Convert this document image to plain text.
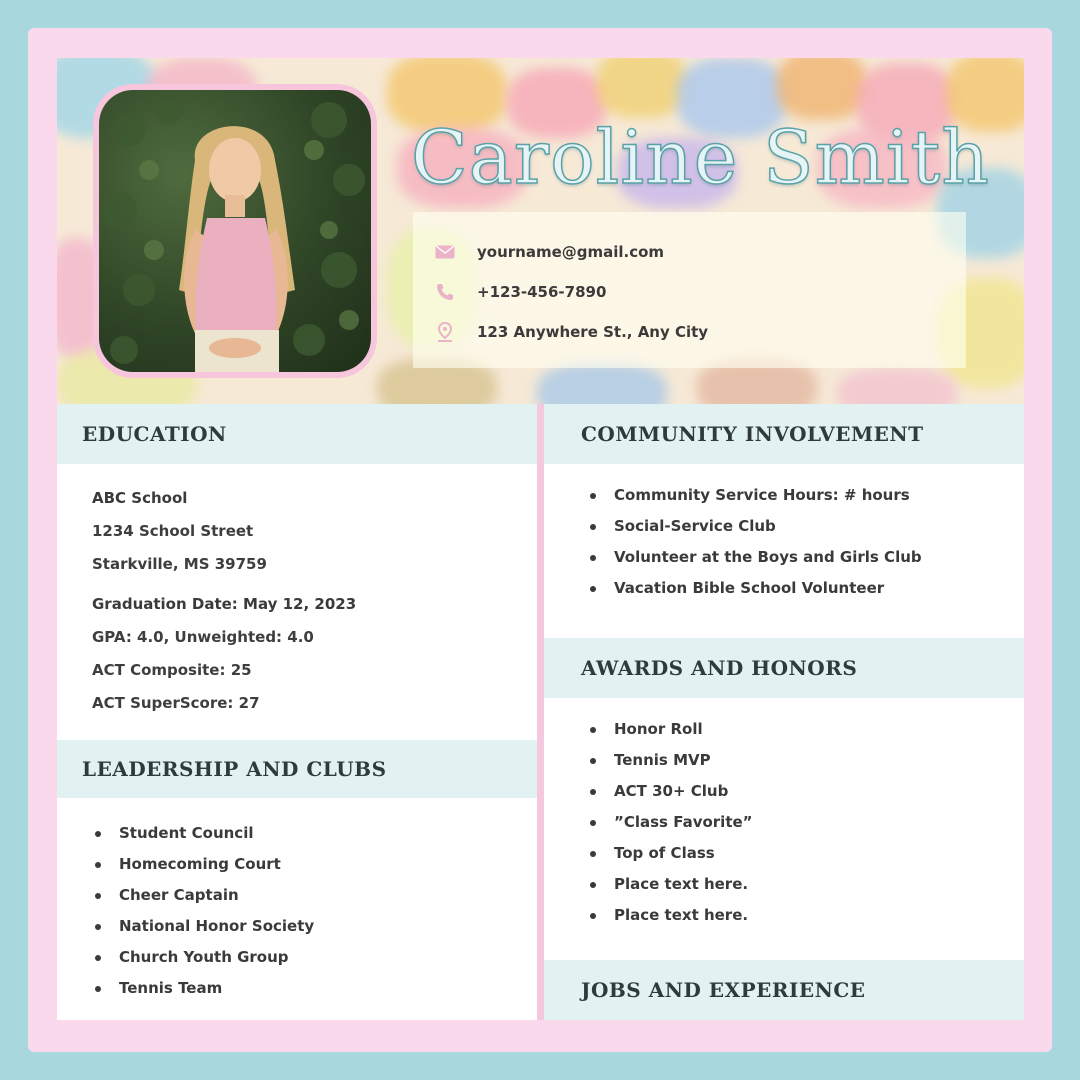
Caroline Smith
yourname@gmail.com
+123-456-7890
123 Anywhere St., Any City
EDUCATION
ABC School
1234 School Street
Starkville, MS 39759
Graduation Date: May 12, 2023
GPA: 4.0, Unweighted: 4.0
ACT Composite: 25
ACT SuperScore: 27
LEADERSHIP AND CLUBS
Student Council
Homecoming Court
Cheer Captain
National Honor Society
Church Youth Group
Tennis Team
COMMUNITY INVOLVEMENT
Community Service Hours: # hours
Social-Service Club
Volunteer at the Boys and Girls Club
Vacation Bible School Volunteer
AWARDS AND HONORS
Honor Roll
Tennis MVP
ACT 30+ Club
”Class Favorite”
Top of Class
Place text here.
Place text here.
JOBS AND EXPERIENCE
